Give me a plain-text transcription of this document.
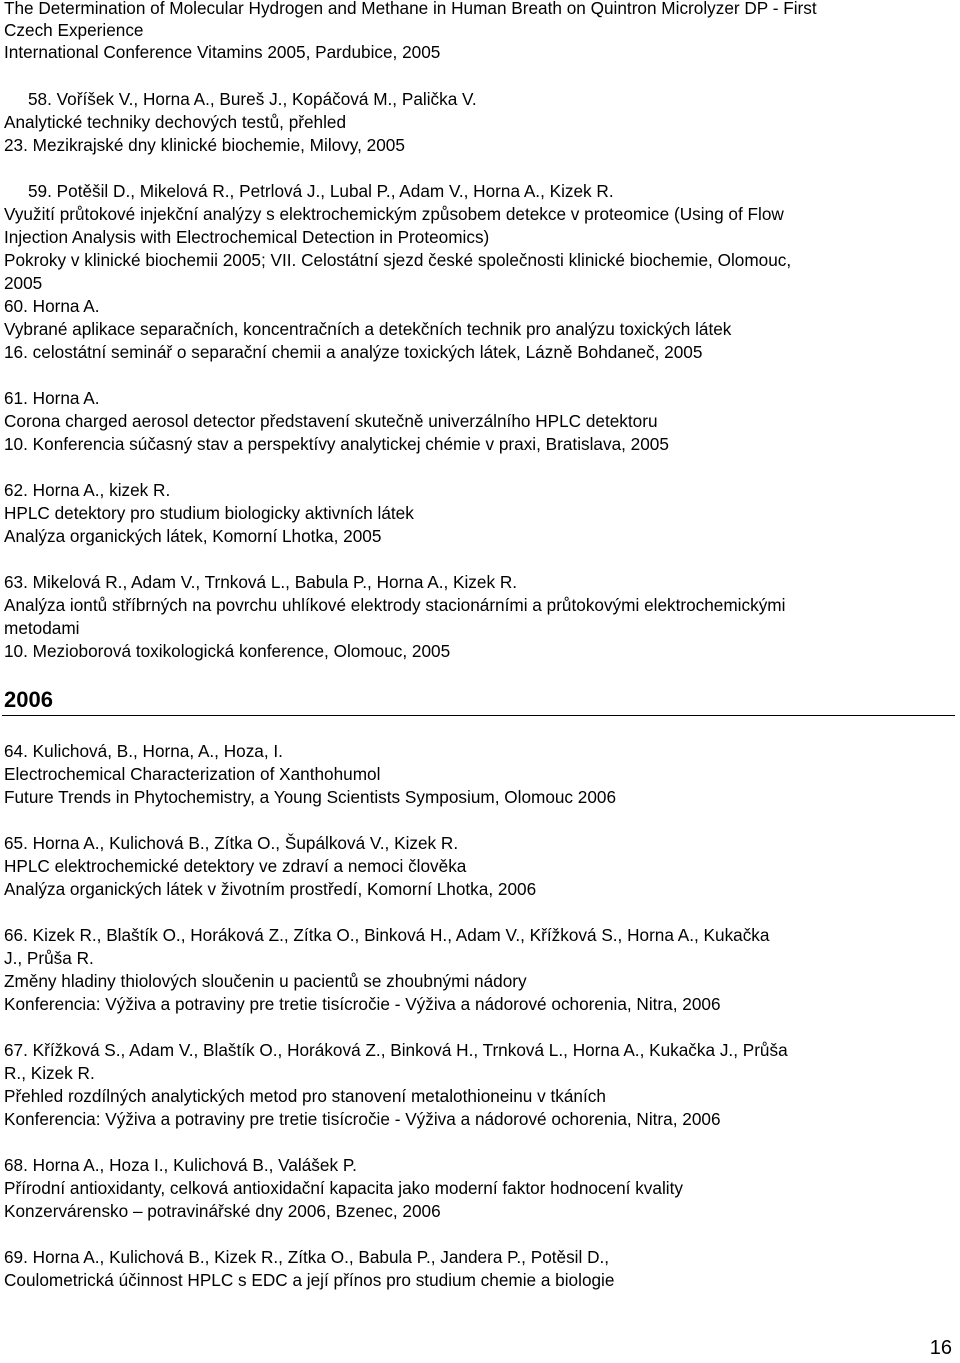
The Determination of Molecular Hydrogen and Methane in Human Breath on Quintron Microlyzer DP - First
Czech Experience
International Conference Vitamins 2005, Pardubice, 2005
58. Voříšek V., Horna A., Bureš J., Kopáčová M., Palička V.
Analytické techniky dechových testů, přehled
23. Mezikrajské dny klinické biochemie, Milovy, 2005
59. Potěšil D., Mikelová R., Petrlová J., Lubal P., Adam V., Horna A., Kizek R.
Využití průtokové injekční analýzy s elektrochemickým způsobem detekce v proteomice (Using of Flow
Injection Analysis with Electrochemical Detection in Proteomics)
Pokroky v klinické biochemii 2005; VII. Celostátní sjezd české společnosti klinické biochemie, Olomouc,
2005
60. Horna A.
Vybrané aplikace separačních, koncentračních a detekčních technik pro analýzu toxických látek
16. celostátní seminář o separační chemii a analýze toxických látek, Lázně Bohdaneč, 2005
61. Horna A.
Corona charged aerosol detector představení skutečně univerzálního HPLC detektoru
10. Konferencia súčasný stav a perspektívy analytickej chémie v praxi, Bratislava, 2005
62. Horna A., kizek R.
HPLC detektory pro studium biologicky aktivních látek
Analýza organických látek, Komorní Lhotka, 2005
63. Mikelová R., Adam V., Trnková L., Babula P., Horna A., Kizek R.
Analýza iontů stříbrných na povrchu uhlíkové elektrody stacionárními a průtokovými elektrochemickými
metodami
10. Mezioborová toxikologická konference, Olomouc, 2005
2006
64. Kulichová, B., Horna, A., Hoza, I.
Electrochemical Characterization of Xanthohumol
Future Trends in Phytochemistry, a Young Scientists Symposium, Olomouc 2006
65. Horna A., Kulichová B., Zítka O., Šupálková V., Kizek R.
HPLC elektrochemické detektory ve zdraví a nemoci člověka
Analýza organických látek v životním prostředí, Komorní Lhotka, 2006
66. Kizek R., Blaštík O., Horáková Z., Zítka O., Binková H., Adam V., Křížková S., Horna A., Kukačka
J., Průša R.
Změny hladiny thiolových sloučenin u pacientů se zhoubnými nádory
Konferencia: Výživa a potraviny pre tretie tisícročie - Výživa a nádorové ochorenia, Nitra, 2006
67. Křížková S., Adam V., Blaštík O., Horáková Z., Binková H., Trnková L., Horna A., Kukačka J., Průša
R., Kizek R.
Přehled rozdílných analytických metod pro stanovení metalothioneinu v tkáních
Konferencia: Výživa a potraviny pre tretie tisícročie - Výživa a nádorové ochorenia, Nitra, 2006
68. Horna A., Hoza I., Kulichová B., Valášek P.
Přírodní antioxidanty, celková antioxidační kapacita jako moderní faktor hodnocení kvality
Konzervárensko – potravinářské dny 2006, Bzenec, 2006
69. Horna A., Kulichová B., Kizek R., Zítka O., Babula P., Jandera P., Potěsil D.,
Coulometrická účinnost HPLC s EDC a její přínos pro studium chemie a biologie
16
